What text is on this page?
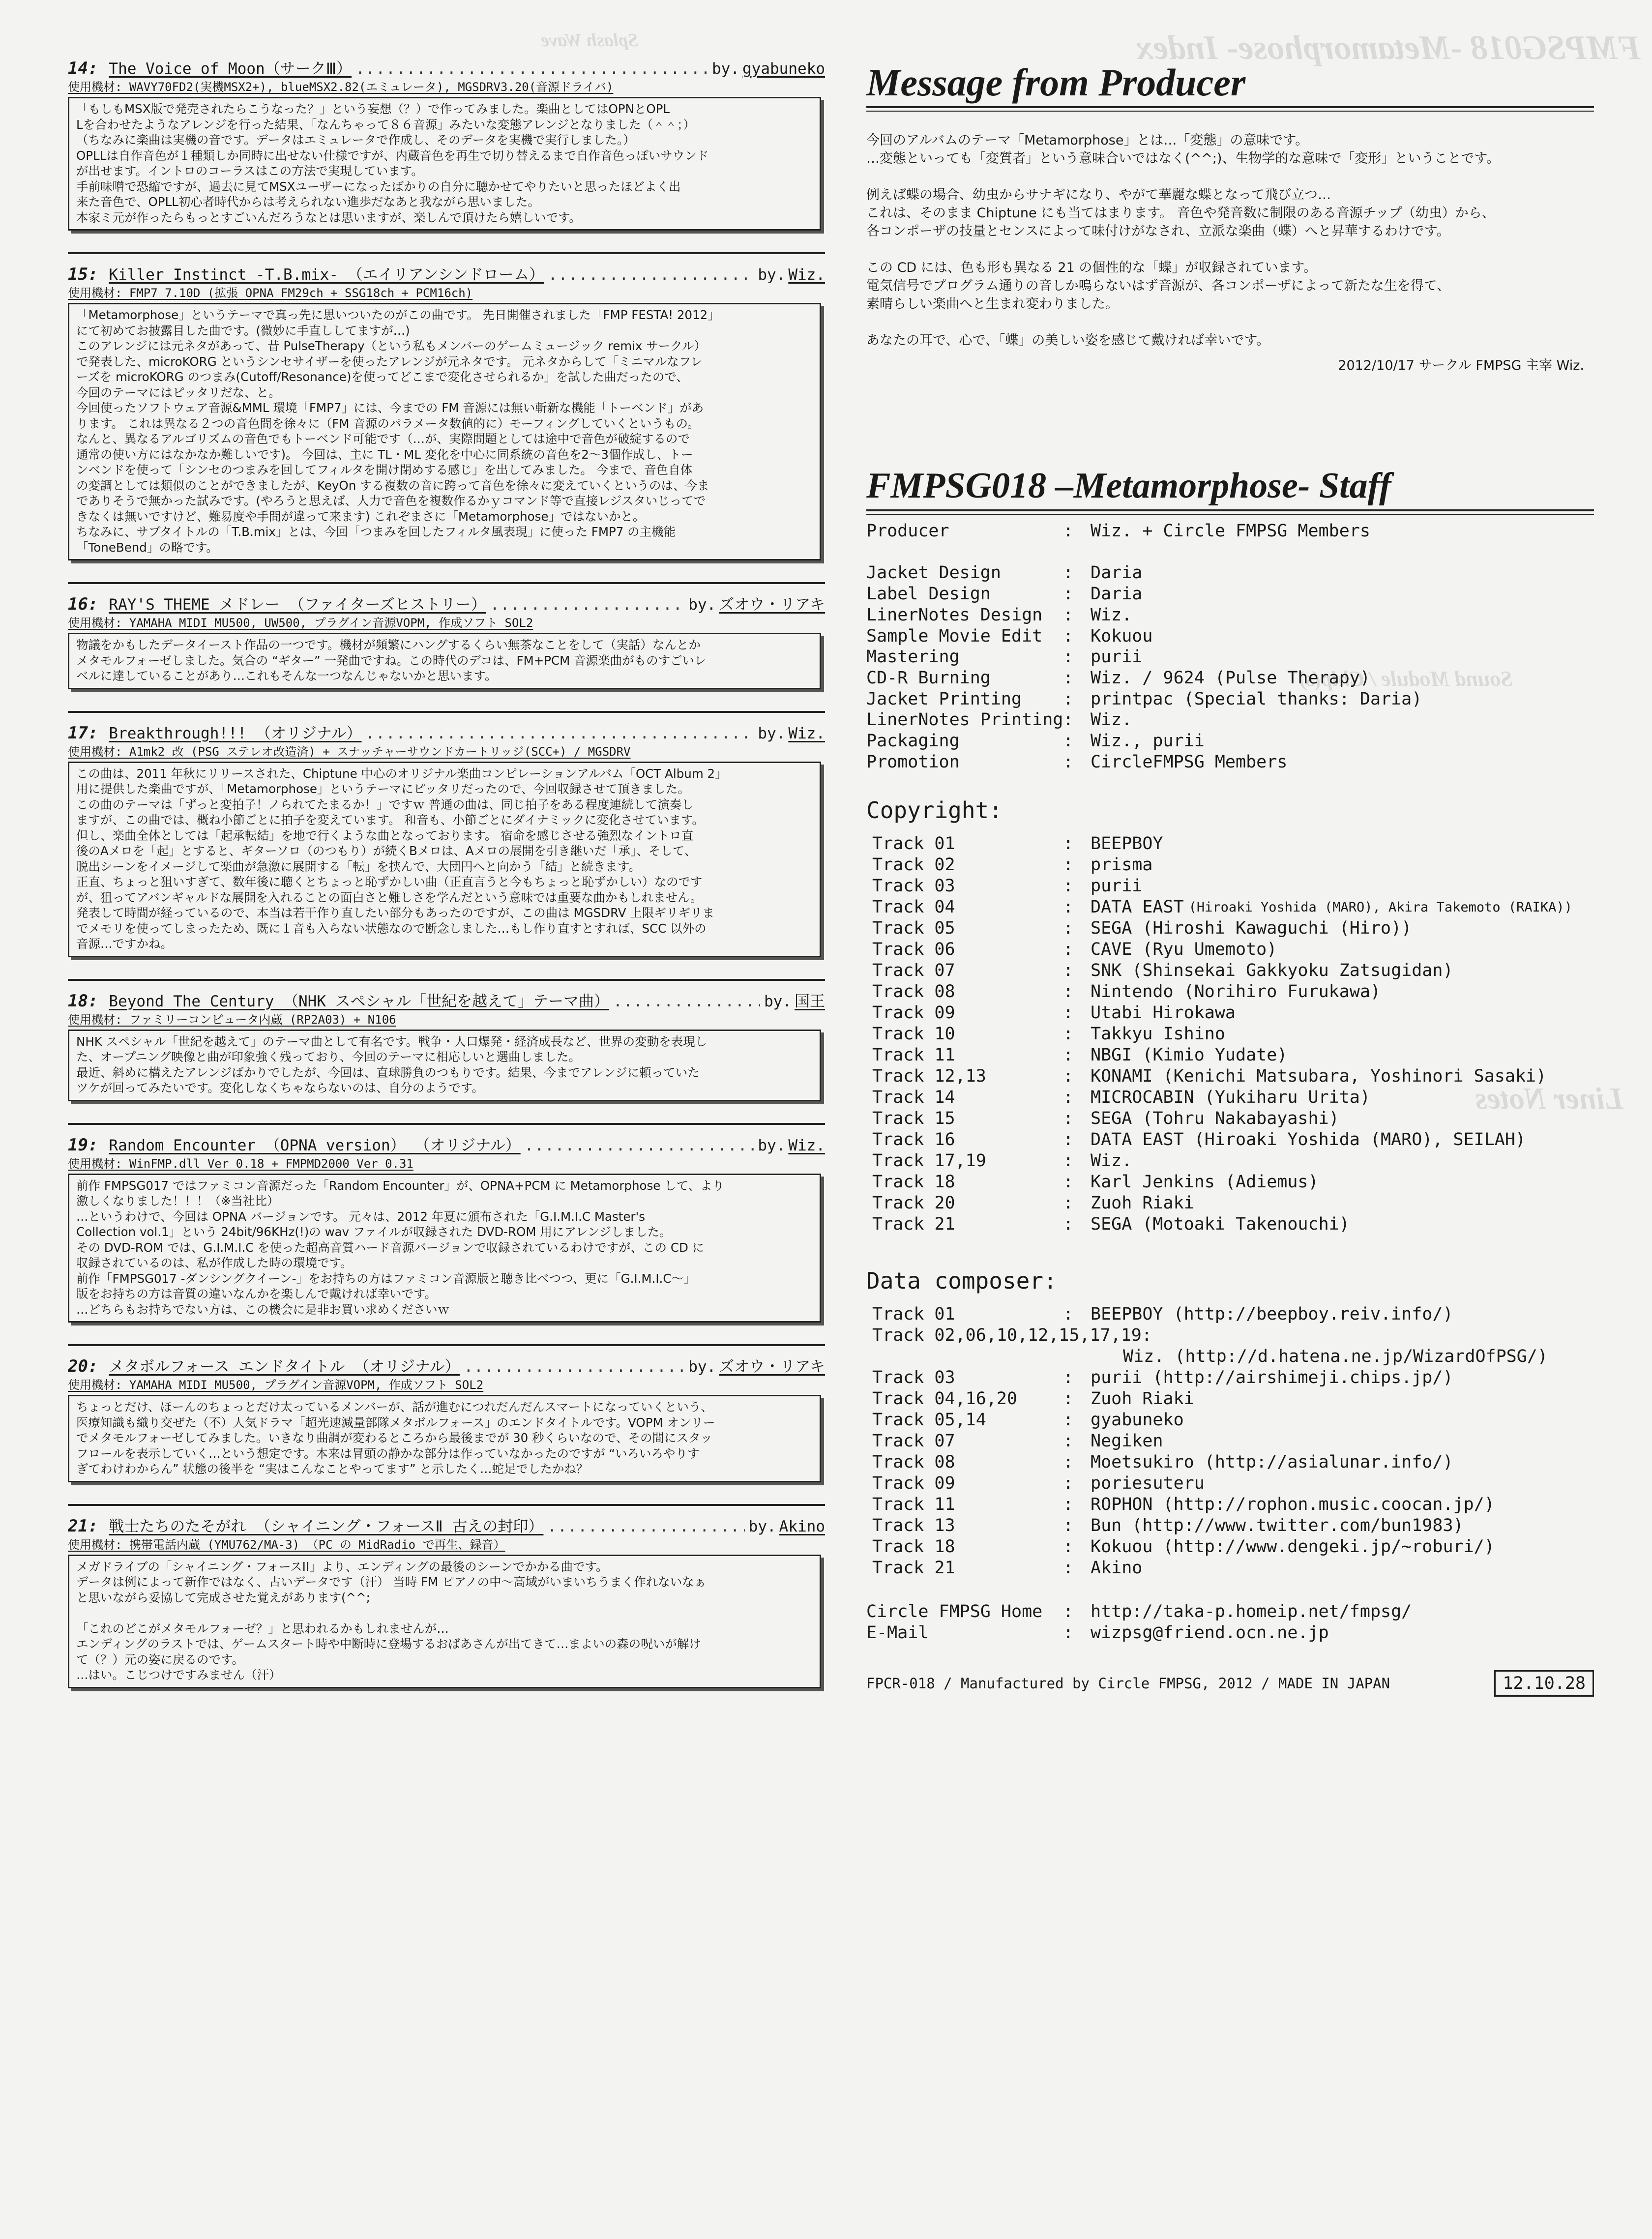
FMPSG018 -Metamorphose- Index
Splash Wave
Sound Module / Chip(s)
Liner Notes
14: The Voice of Moon（サークⅢ） .....	by. gyabuneko
使用機材: WAVY70FD2(実機MSX2+), blueMSX2.82(エミュレータ), MGSDRV3.20(音源ドライバ)

「もしもMSX版で発売されたらこうなった？」という妄想（？）で作ってみました。楽曲としてはOPNとOPL

Lを合わせたようなアレンジを行った結果、「なんちゃって８６音源」みたいな変態アレンジとなりました（＾＾；）

（ちなみに楽曲は実機の音です。データはエミュレータで作成し、そのデータを実機で実行しました。）

OPLLは自作音色が１種類しか同時に出せない仕様ですが、内蔵音色を再生で切り替えるまで自作音色っぽいサウンド

が出せます。イントロのコーラスはこの方法で実現しています。

手前味噌で恐縮ですが、過去に見てMSXユーザーになったばかりの自分に聴かせてやりたいと思ったほどよく出

来た音色で、OPLL初心者時代からは考えられない進歩だなあと我ながら思いました。

本家ミ元が作ったらもっとすごいんだろうなとは思いますが、楽しんで頂けたら嬉しいです。

15: Killer Instinct -T.B.mix- （エイリアンシンドローム） .....	by. Wiz.
使用機材: FMP7 7.10D (拡張 OPNA FM29ch + SSG18ch + PCM16ch)

「Metamorphose」というテーマで真っ先に思いついたのがこの曲です。 先日開催されました「FMP FESTA! 2012」

にて初めてお披露目した曲です。(微妙に手直ししてますが…)

このアレンジには元ネタがあって、昔 PulseTherapy（という私もメンバーのゲームミュージック remix サークル）

で発表した、microKORG というシンセサイザーを使ったアレンジが元ネタです。 元ネタからして「ミニマルなフレ

ーズを microKORG のつまみ(Cutoff/Resonance)を使ってどこまで変化させられるか」を試した曲だったので、

今回のテーマにはピッタリだな、と。

今回使ったソフトウェア音源&MML 環境「FMP7」には、今までの FM 音源には無い斬新な機能「トーベンド」があ

ります。 これは異なる２つの音色間を徐々に（FM 音源のパラメータ数値的に）モーフィングしていくというもの。

なんと、異なるアルゴリズムの音色でもトーベンド可能です（…が、実際問題としては途中で音色が破綻するので

通常の使い方にはなかなか難しいです)。 今回は、主に TL・ML 変化を中心に同系統の音色を2〜3個作成し、トー

ンベンドを使って「シンセのつまみを回してフィルタを開け閉めする感じ」を出してみました。 今まで、音色自体

の変調としては類似のことができましたが、KeyOn する複数の音に跨って音色を徐々に変えていくというのは、今ま

でありそうで無かった試みです。(やろうと思えば、人力で音色を複数作るかｙコマンド等で直接レジスタいじってで

きなくは無いですけど、難易度や手間が違って来ます) これぞまさに「Metamorphose」ではないかと。

ちなみに、サブタイトルの「T.B.mix」とは、今回「つまみを回したフィルタ風表現」に使った FMP7 の主機能

「ToneBend」の略です。

16: RAY'S THEME メドレー （ファイターズヒストリー） .....	by. ズオウ・リアキ
使用機材: YAMAHA MIDI MU500, UW500, プラグイン音源VOPM, 作成ソフト SOL2

物議をかもしたデータイースト作品の一つです。機材が頻繁にハングするくらい無茶なことをして（実話）なんとか

メタモルフォーゼしました。気合の “ギター” 一発曲ですね。この時代のデコは、FM+PCM 音源楽曲がものすごいレ

ベルに達していることがあり…これもそんな一つなんじゃないかと思います。

17: Breakthrough!!! （オリジナル） .....	by. Wiz.
使用機材: A1mk2 改 (PSG ステレオ改造済) + スナッチャーサウンドカートリッジ(SCC+) / MGSDRV

この曲は、2011 年秋にリリースされた、Chiptune 中心のオリジナル楽曲コンピレーションアルバム「OCT Album 2」

用に提供した楽曲ですが、「Metamorphose」というテーマにピッタリだったので、今回収録させて頂きました。

この曲のテーマは「ずっと変拍子！ノられてたまるか！」ですｗ 普通の曲は、同じ拍子をある程度連続して演奏し

ますが、この曲では、概ね小節ごとに拍子を変えています。 和音も、小節ごとにダイナミックに変化させています。

但し、楽曲全体としては「起承転結」を地で行くような曲となっております。 宿命を感じさせる強烈なイントロ直

後のAメロを「起」とすると、ギターソロ（のつもり）が続くBメロは、Aメロの展開を引き継いだ「承」、そして、

脱出シーンをイメージして楽曲が急激に展開する「転」を挟んで、大団円へと向かう「結」と続きます。

正直、ちょっと狙いすぎて、数年後に聴くとちょっと恥ずかしい曲（正直言うと今もちょっと恥ずかしい）なのです

が、狙ってアバンギャルドな展開を入れることの面白さと難しさを学んだという意味では重要な曲かもしれません。

発表して時間が経っているので、本当は若干作り直したい部分もあったのですが、この曲は MGSDRV 上限ギリギリま

でメモリを使ってしまったため、既に１音も入らない状態なので断念しました…もし作り直すとすれば、SCC 以外の

音源…ですかね。

18: Beyond The Century （NHK スペシャル「世紀を越えて」テーマ曲） .....	by. 国王
使用機材: ファミリーコンピュータ内蔵 (RP2A03) + N106

NHK スペシャル「世紀を越えて」のテーマ曲として有名です。戦争・人口爆発・経済成長など、世界の変動を表現し

た、オープニング映像と曲が印象強く残っており、今回のテーマに相応しいと選曲しました。

最近、斜めに構えたアレンジばかりでしたが、今回は、直球勝負のつもりです。結果、今までアレンジに頼っていた

ツケが回ってみたいです。変化しなくちゃならないのは、自分のようです。

19: Random Encounter （OPNA version） （オリジナル） .....	by. Wiz.
使用機材: WinFMP.dll Ver 0.18 + FMPMD2000 Ver 0.31

前作 FMPSG017 ではファミコン音源だった「Random Encounter」が、OPNA+PCM に Metamorphose して、より

激しくなりました！！！（※当社比）

…というわけで、今回は OPNA バージョンです。 元々は、2012 年夏に頒布された「G.I.M.I.C Master's

Collection vol.1」という 24bit/96KHz(!)の wav ファイルが収録された DVD-ROM 用にアレンジしました。

その DVD-ROM では、G.I.M.I.C を使った超高音質ハード音源バージョンで収録されているわけですが、この CD に

収録されているのは、私が作成した時の環境です。

前作「FMPSG017 -ダンシングクイーン-」をお持ちの方はファミコン音源版と聴き比べつつ、更に「G.I.M.I.C〜」

版をお持ちの方は音質の違いなんかを楽しんで戴ければ幸いです。

…どちらもお持ちでない方は、この機会に是非お買い求めくださいｗ

20: メタボルフォース エンドタイトル （オリジナル） .....	by. ズオウ・リアキ
使用機材: YAMAHA MIDI MU500, プラグイン音源VOPM, 作成ソフト SOL2

ちょっとだけ、ほーんのちょっとだけ太っているメンバーが、話が進むにつれだんだんスマートになっていくという、

医療知識も織り交ぜた（不）人気ドラマ「超光速減量部隊メタボルフォース」のエンドタイトルです。VOPM オンリー

でメタモルフォーゼしてみました。いきなり曲調が変わるところから最後までが 30 秒くらいなので、その間にスタッ

フロールを表示していく…という想定です。本来は冒頭の静かな部分は作っていなかったのですが “いろいろやりす

ぎてわけわからん” 状態の後半を “実はこんなことやってます” と示したく…蛇足でしたかね？

21: 戦士たちのたそがれ （シャイニング・フォースⅡ 古えの封印） .....	by. Akino
使用機材: 携帯電話内蔵 (YMU762/MA-3) （PC の MidRadio で再生、録音）

メガドライブの「シャイニング・フォースII」より、エンディングの最後のシーンでかかる曲です。

データは例によって新作ではなく、古いデータです（汗） 当時 FM ピアノの中〜高域がいまいちうまく作れないなぁ

と思いながら妥協して完成させた覚えがあります(^^;

「これのどこがメタモルフォーゼ？」と思われるかもしれませんが…

エンディングのラストでは、ゲームスタート時や中断時に登場するおばあさんが出てきて…まよいの森の呪いが解け

て（？）元の姿に戻るのです。

…はい。こじつけですみません（汗）

Message from Producer

今回のアルバムのテーマ「Metamorphose」とは…「変態」の意味です。

…変態といっても「変質者」という意味合いではなく(^^;)、生物学的な意味で「変形」ということです。

例えば蝶の場合、幼虫からサナギになり、やがて華麗な蝶となって飛び立つ…

これは、そのまま Chiptune にも当てはまります。 音色や発音数に制限のある音源チップ（幼虫）から、

各コンポーザの技量とセンスによって味付けがなされ、立派な楽曲（蝶）へと昇華するわけです。

この CD には、色も形も異なる 21 の個性的な「蝶」が収録されています。

電気信号でプログラム通りの音しか鳴らないはず音源が、各コンポーザによって新たな生を得て、

素晴らしい楽曲へと生まれ変わりました。

あなたの耳で、心で、「蝶」の美しい姿を感じて戴ければ幸いです。

2012/10/17 サークル FMPSG 主宰 Wiz.
FMPSG018 –Metamorphose- Staff
Producer	: Wiz. + Circle FMPSG Members
Jacket Design	: Daria
Label Design	: Daria
LinerNotes Design	: Wiz.
Sample Movie Edit	: Kokuou
Mastering	: purii
CD-R Burning	: Wiz. / 9624 (Pulse Therapy)
Jacket Printing	: printpac (Special thanks: Daria)
LinerNotes Printing : Wiz.
Packaging	: Wiz., purii
Promotion	: CircleFMPSG Members
Copyright:
Track 01	: BEEPBOY
Track 02	: prisma
Track 03	: purii
Track 04	: DATA EAST (Hiroaki Yoshida (MARO), Akira Takemoto (RAIKA))
Track 05	: SEGA (Hiroshi Kawaguchi (Hiro))
Track 06	: CAVE (Ryu Umemoto)
Track 07	: SNK (Shinsekai Gakkyoku Zatsugidan)
Track 08	: Nintendo (Norihiro Furukawa)
Track 09	: Utabi Hirokawa
Track 10	: Takkyu Ishino
Track 11	: NBGI (Kimio Yudate)
Track 12,13	: KONAMI (Kenichi Matsubara, Yoshinori Sasaki)
Track 14	: MICROCABIN (Yukiharu Urita)
Track 15	: SEGA (Tohru Nakabayashi)
Track 16	: DATA EAST (Hiroaki Yoshida (MARO), SEILAH)
Track 17,19	: Wiz.
Track 18	: Karl Jenkins (Adiemus)
Track 20	: Zuoh Riaki
Track 21	: SEGA (Motoaki Takenouchi)
Data composer:
Track 01	: BEEPBOY (http://beepboy.reiv.info/)
Track 02,06,10,12,15,17,19 :
Wiz. (http://d.hatena.ne.jp/WizardOfPSG/)
Track 03	: purii (http://airshimeji.chips.jp/)
Track 04,16,20	: Zuoh Riaki
Track 05,14	: gyabuneko
Track 07	: Negiken
Track 08	: Moetsukiro (http://asialunar.info/)
Track 09	: poriesuteru
Track 11	: ROPHON (http://rophon.music.coocan.jp/)
Track 13	: Bun (http://www.twitter.com/bun1983)
Track 18	: Kokuou (http://www.dengeki.jp/~roburi/)
Track 21	: Akino
Circle FMPSG Home	: http://taka-p.homeip.net/fmpsg/
E-Mail	: wizpsg@friend.ocn.ne.jp
FPCR-018 / Manufactured by Circle FMPSG, 2012 / MADE IN JAPAN	12.10.28
